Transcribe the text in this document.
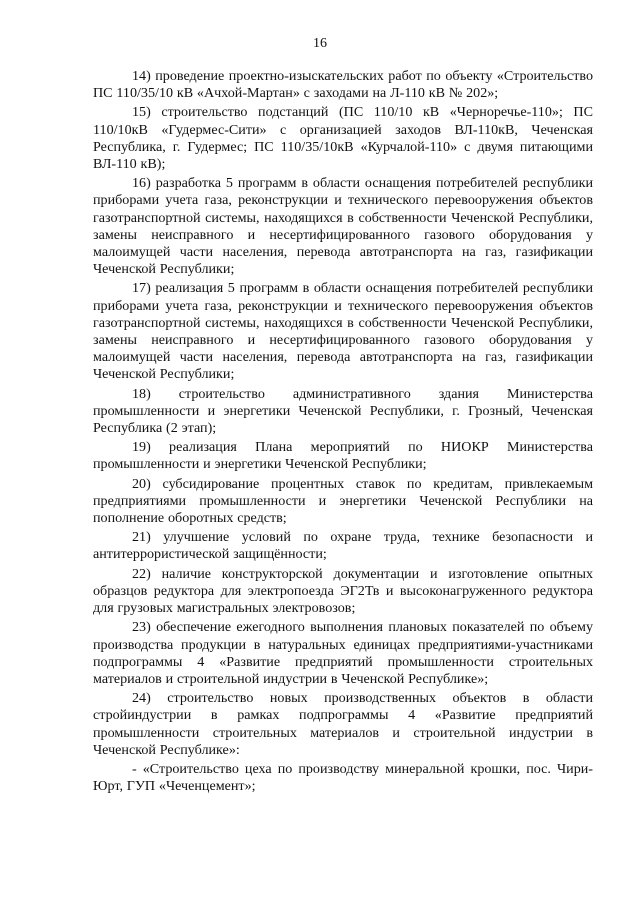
16

14) проведение проектно-изыскательских работ по объекту «Строительство ПС 110/35/10 кВ «Ачхой-Мартан» с заходами на Л-110 кВ № 202»;

15) строительство подстанций (ПС 110/10 кВ «Черноречье-110»; ПС 110/10кВ «Гудермес-Сити» с организацией заходов ВЛ-110кВ, Чеченская Республика, г. Гудермес; ПС 110/35/10кВ «Курчалой-110» с двумя питающими ВЛ-110 кВ);

16) разработка 5 программ в области оснащения потребителей республики приборами учета газа, реконструкции и технического перевооружения объектов газотранспортной системы, находящихся в собственности Чеченской Республики, замены неисправного и несертифицированного газового оборудования у малоимущей части населения, перевода автотранспорта на газ, газификации Чеченской Республики;

17) реализация 5 программ в области оснащения потребителей республики приборами учета газа, реконструкции и технического перевооружения объектов газотранспортной системы, находящихся в собственности Чеченской Республики, замены неисправного и несертифицированного газового оборудования у малоимущей части населения, перевода автотранспорта на газ, газификации Чеченской Республики;

18) строительство административного здания Министерства промышленности и энергетики Чеченской Республики, г. Грозный, Чеченская Республика (2 этап);

19) реализация Плана мероприятий по НИОКР Министерства промышленности и энергетики Чеченской Республики;

20) субсидирование процентных ставок по кредитам, привлекаемым предприятиями промышленности и энергетики Чеченской Республики на пополнение оборотных средств;

21) улучшение условий по охране труда, технике безопасности и антитеррористической защищённости;

22) наличие конструкторской документации и изготовление опытных образцов редуктора для электропоезда ЭГ2Тв и высоконагруженного редуктора для грузовых магистральных электровозов;

23) обеспечение ежегодного выполнения плановых показателей по объему производства продукции в натуральных единицах предприятиями-участниками подпрограммы 4 «Развитие предприятий промышленности строительных материалов и строительной индустрии в Чеченской Республике»;

24) строительство новых производственных объектов в области стройиндустрии в рамках подпрограммы 4 «Развитие предприятий промышленности строительных материалов и строительной индустрии в Чеченской Республике»:

- «Строительство цеха по производству минеральной крошки, пос. Чири-Юрт, ГУП «Чеченцемент»;
